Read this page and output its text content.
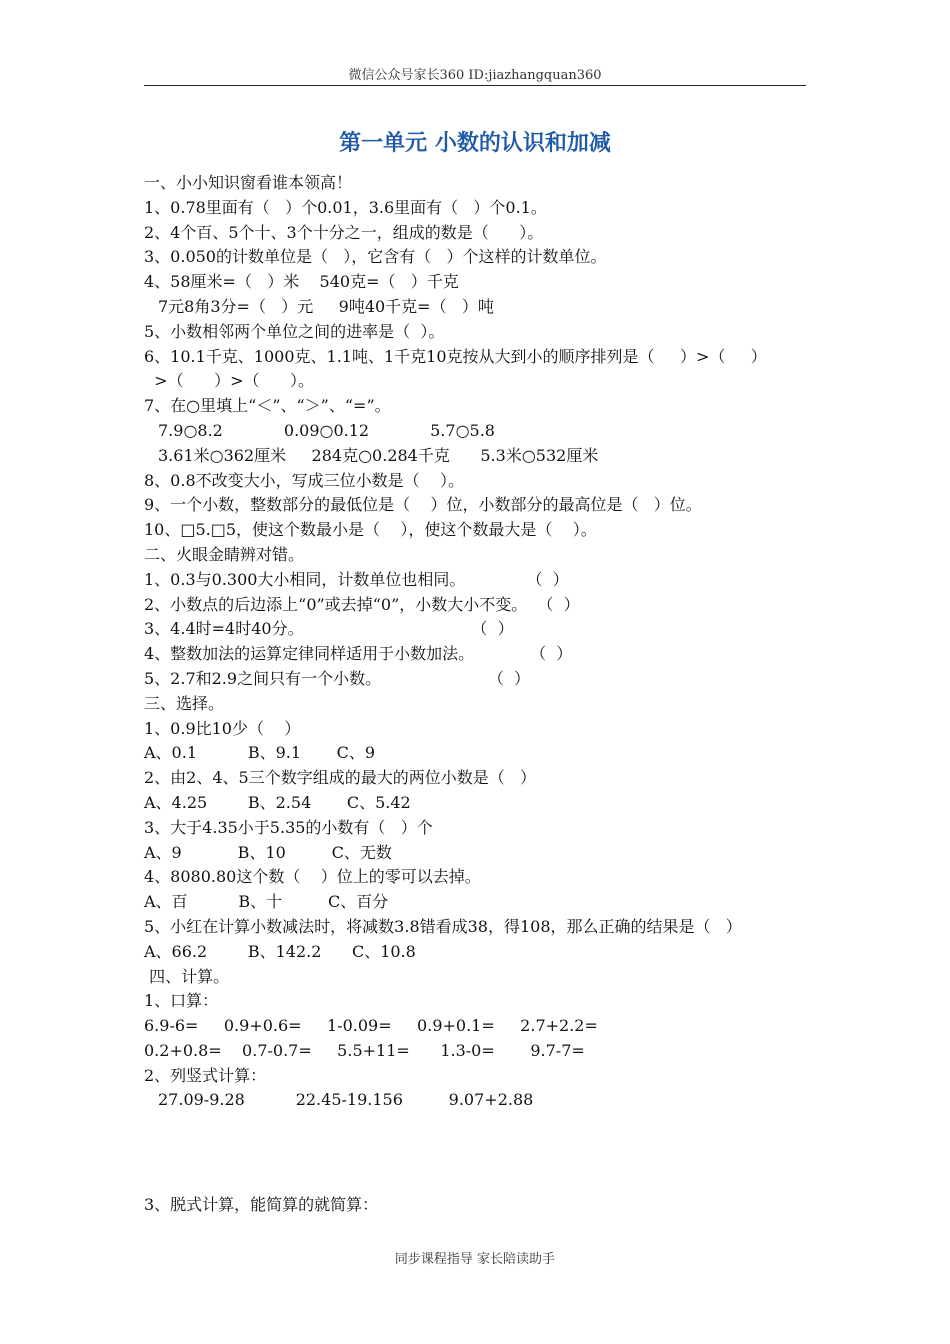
微信公众号家长360 ID:jiazhangquan360
第一单元 小数的认识和加减
一、小小知识窗看谁本领高！
1、0.78里面有（   ）个0.01，3.6里面有（   ）个0.1。
2、4个百、5个十、3个十分之一，组成的数是（      ）。
3、0.050的计数单位是（   ），它含有（   ）个这样的计数单位。
4、58厘米=（   ）米    540克=（   ）千克
7元8角3分=（   ）元     9吨40千克=（   ）吨
5、小数相邻两个单位之间的进率是（  ）。
6、10.1千克、1000克、1.1吨、1千克10克按从大到小的顺序排列是（     ）>（     ）
>（      ）>（      ）。
7、在○里填上“＜”、“＞”、“=”。
7.9○8.2            0.09○0.12            5.7○5.8
3.61米○362厘米     284克○0.284千克      5.3米○532厘米
8、0.8不改变大小，写成三位小数是（    ）。
9、一个小数，整数部分的最低位是（    ）位，小数部分的最高位是（   ）位。
10、□5.□5，使这个数最小是（    ），使这个数最大是（    ）。
二、火眼金睛辨对错。
1、0.3与0.300大小相同，计数单位也相同。            （  ）
2、小数点的后边添上“0”或去掉“0”，小数大小不变。  （  ）
3、4.4时=4时40分。                                 （  ）
4、整数加法的运算定律同样适用于小数加法。           （  ）
5、2.7和2.9之间只有一个小数。                     （  ）
三、选择。
1、0.9比10少（    ）
A、0.1          B、9.1       C、9
2、由2、4、5三个数字组成的最大的两位小数是（   ）
A、4.25        B、2.54       C、5.42
3、大于4.35小于5.35的小数有（   ）个
A、9           B、10         C、无数
4、8080.80这个数（    ）位上的零可以去掉。
A、百          B、十         C、百分
5、小红在计算小数减法时，将减数3.8错看成38，得108，那么正确的结果是（   ）
A、66.2        B、142.2      C、10.8
四、计算。
1、口算：
6.9-6=     0.9+0.6=     1-0.09=     0.9+0.1=     2.7+2.2=
0.2+0.8=    0.7-0.7=     5.5+11=      1.3-0=       9.7-7=
2、列竖式计算：
27.09-9.28          22.45-19.156         9.07+2.88
3、脱式计算，能简算的就简算：
同步课程指导 家长陪读助手
